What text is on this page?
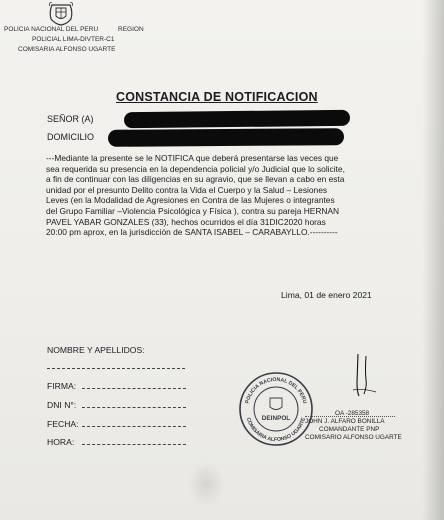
POLICIA NACIONAL DEL PERU	REGION
POLICIAL LIMA-DIVTER-C1
COMISARIA ALFONSO UGARTE
CONSTANCIA DE NOTIFICACION
SEÑOR (A)
DOMICILIO
---Mediante la presente se le NOTIFICA que deberá presentarse las veces que
sea requerida su presencia en la dependencia policial y/o Judicial que lo solicite,
a fin de continuar con las diligencias en su agravio, que se llevan a cabo en esta
unidad por el presunto Delito contra la Vida el Cuerpo y la Salud – Lesiones
Leves (en la Modalidad de Agresiones en Contra de las Mujeres o integrantes
del Grupo Familiar –Violencia Psicológica y Física ), contra su pareja HERNAN
PAVEL YABAR GONZALES (33), hechos ocurridos el día 31DIC2020 horas
20:00 pm aprox, en la jurisdicción de SANTA ISABEL – CARABAYLLO.----------
Lima, 01 de enero 2021
NOMBRE Y APELLIDOS:
FIRMA:
DNI N°:
FECHA:
HORA:
POLICIA NACIONAL DEL PERU
COMISARIA ALFONSO UGARTE
DEINPOL
OA -285358
JOHN J. ALFARO BONILLA
COMANDANTE PNP
COMISARIO ALFONSO UGARTE
